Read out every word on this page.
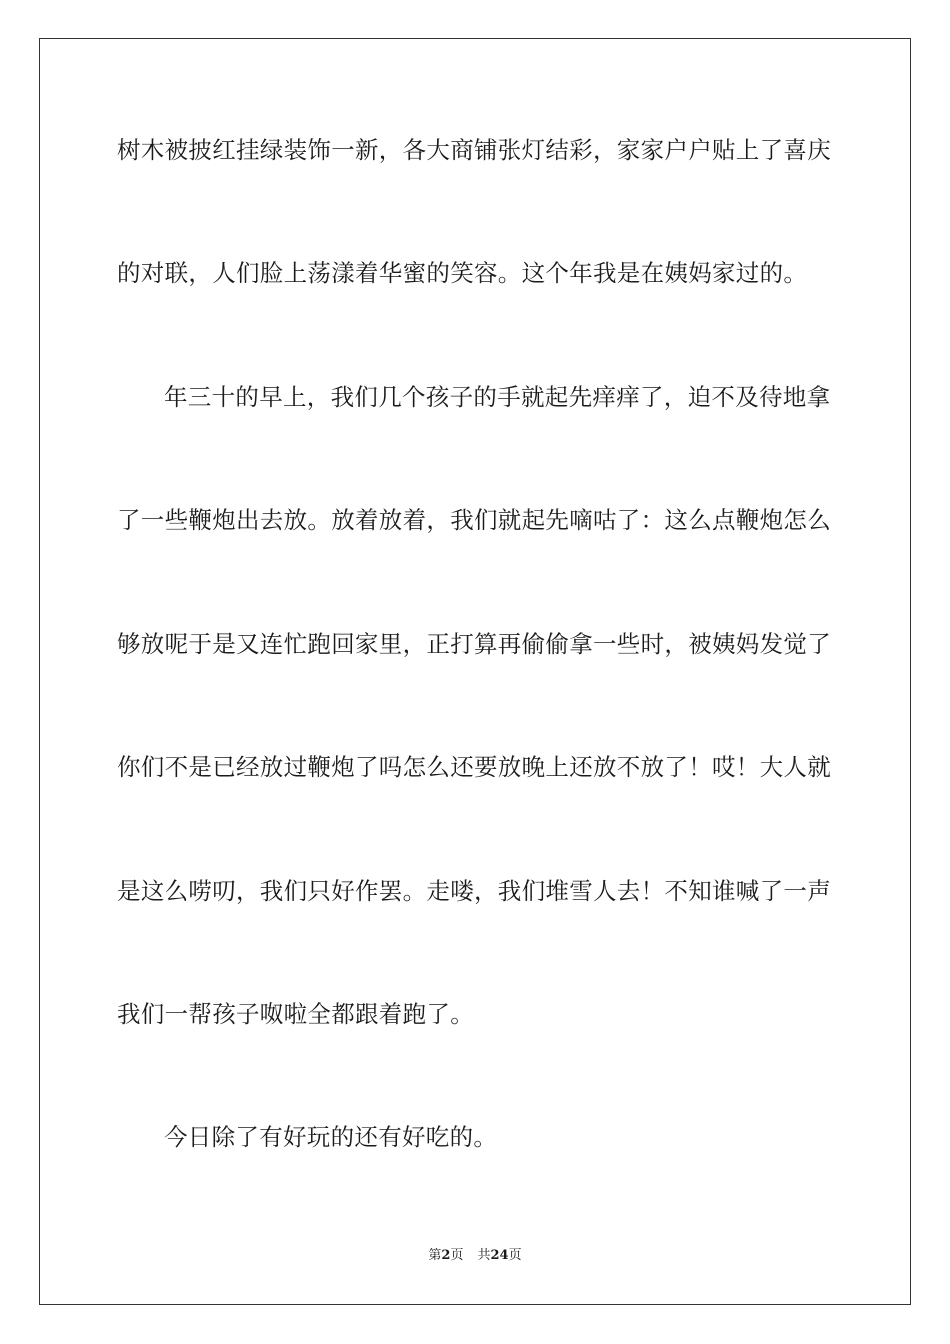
树木被披红挂绿装饰一新，各大商铺张灯结彩，家家户户贴上了喜庆
的对联，人们脸上荡漾着华蜜的笑容。这个年我是在姨妈家过的。
年三十的早上，我们几个孩子的手就起先痒痒了，迫不及待地拿
了一些鞭炮出去放。放着放着，我们就起先嘀咕了：这么点鞭炮怎么
够放呢于是又连忙跑回家里，正打算再偷偷拿一些时，被姨妈发觉了
你们不是已经放过鞭炮了吗怎么还要放晚上还放不放了！哎！大人就
是这么唠叨，我们只好作罢。走喽，我们堆雪人去！不知谁喊了一声
我们一帮孩子呶啦全都跟着跑了。
今日除了有好玩的还有好吃的。
第2页 共24页
